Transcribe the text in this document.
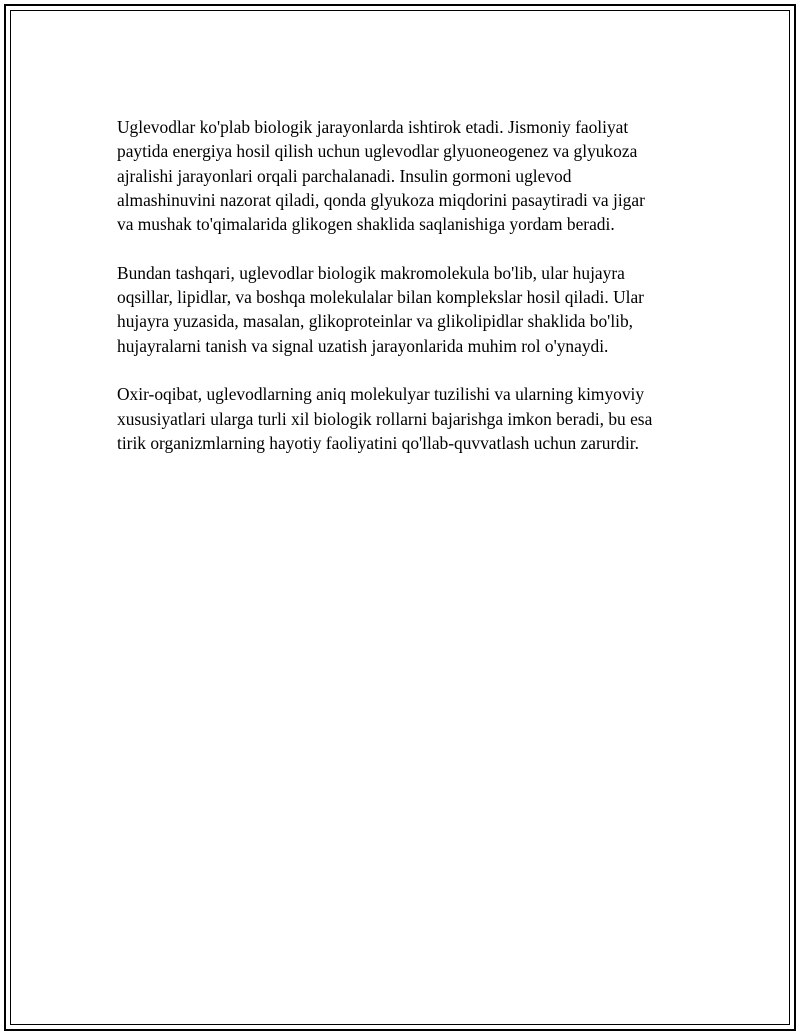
Uglevodlar ko'plab biologik jarayonlarda ishtirok etadi. Jismoniy faoliyat
paytida energiya hosil qilish uchun uglevodlar glyuoneogenez va glyukoza
ajralishi jarayonlari orqali parchalanadi. Insulin gormoni uglevod
almashinuvini nazorat qiladi, qonda glyukoza miqdorini pasaytiradi va jigar
va mushak to'qimalarida glikogen shaklida saqlanishiga yordam beradi.

Bundan tashqari, uglevodlar biologik makromolekula bo'lib, ular hujayra
oqsillar, lipidlar, va boshqa molekulalar bilan komplekslar hosil qiladi. Ular
hujayra yuzasida, masalan, glikoproteinlar va glikolipidlar shaklida bo'lib,
hujayralarni tanish va signal uzatish jarayonlarida muhim rol o'ynaydi.

Oxir-oqibat, uglevodlarning aniq molekulyar tuzilishi va ularning kimyoviy
xususiyatlari ularga turli xil biologik rollarni bajarishga imkon beradi, bu esa
tirik organizmlarning hayotiy faoliyatini qo'llab-quvvatlash uchun zarurdir.
